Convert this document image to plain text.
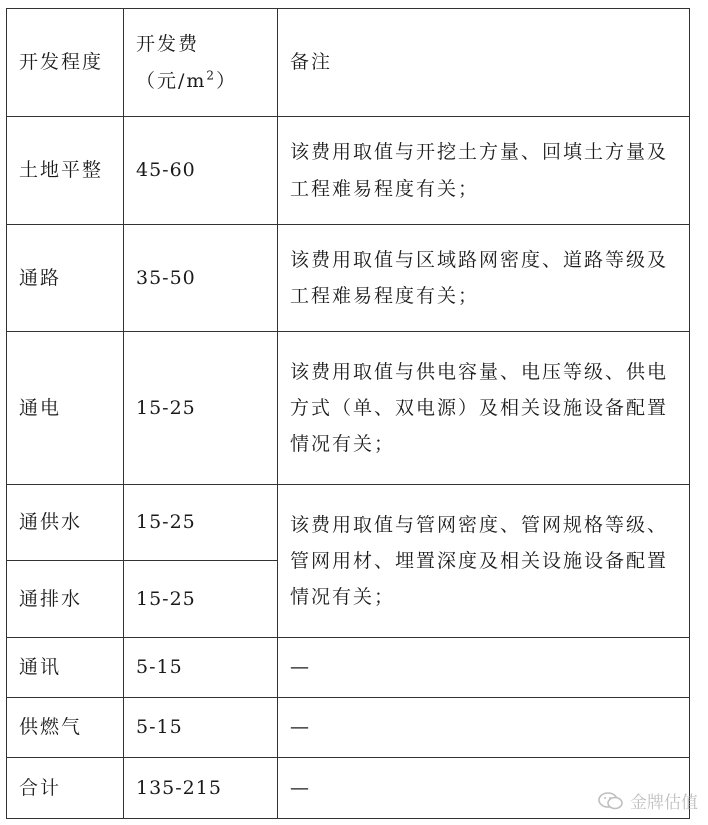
开发程度	开发费（元$/m^2$）	备注
土地平整	45-60	该费用取值与开挖土方量、回填土方量及工程难易程度有关；
通路	35-50	该费用取值与区域路网密度、道路等级及工程难易程度有关；
通电	15-25	该费用取值与供电容量、电压等级、供电方式（单、双电源）及相关设施设备配置情况有关；
通供水	15-25	该费用取值与管网密度、管网规格等级、管网用材、埋置深度及相关设施设备配置情况有关；
通排水	15-25	
通讯	5-15	—
供燃气	5-15	—
合计	135-215	—
金牌估值
